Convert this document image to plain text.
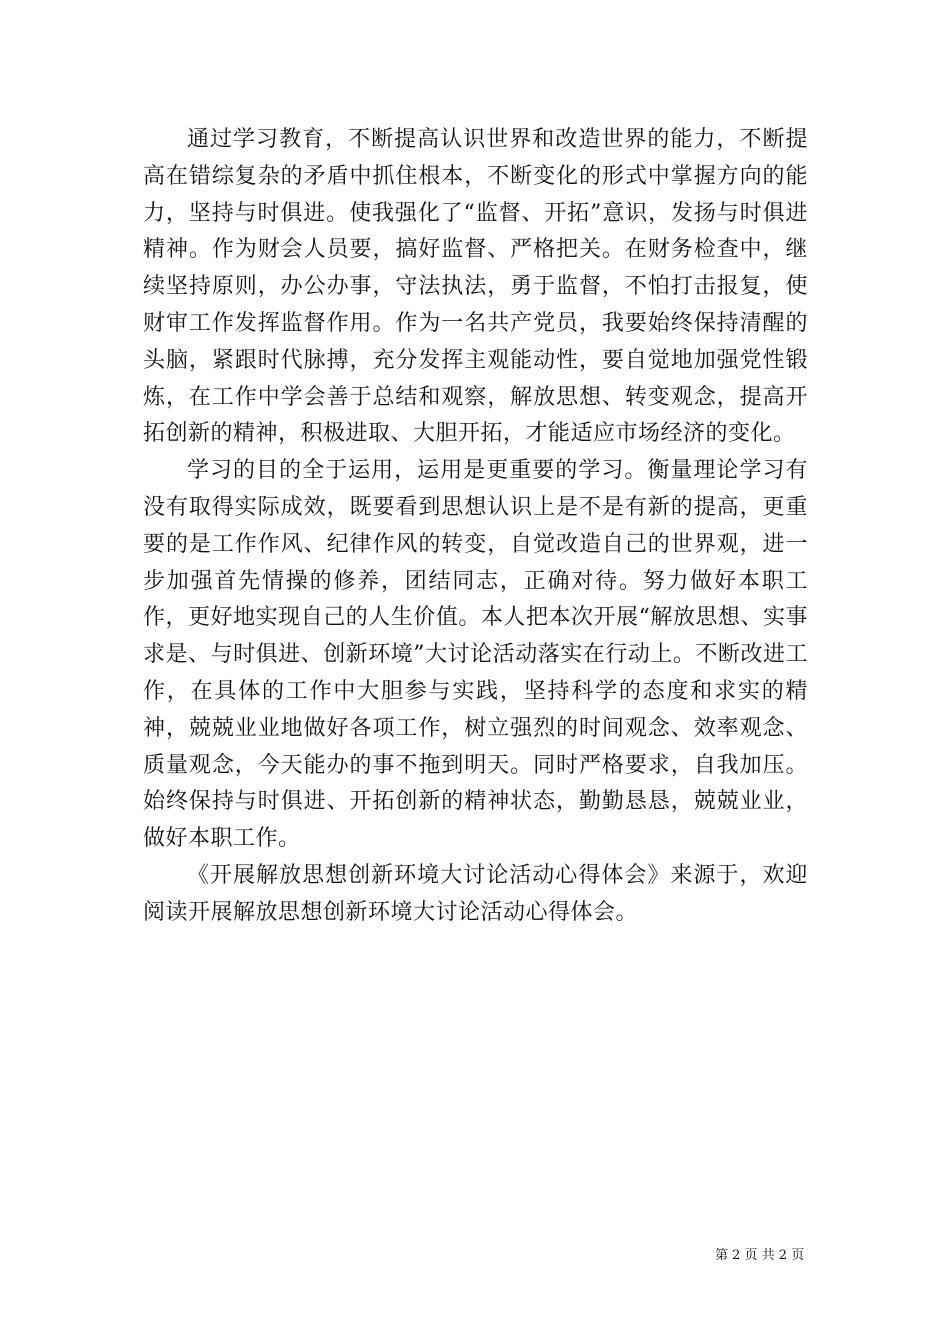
通过学习教育，不断提高认识世界和改造世界的能力，不断提高在错综复杂的矛盾中抓住根本，不断变化的形式中掌握方向的能力，坚持与时俱进。使我强化了“监督、开拓”意识，发扬与时俱进精神。作为财会人员要，搞好监督、严格把关。在财务检查中，继续坚持原则，办公办事，守法执法，勇于监督，不怕打击报复，使财审工作发挥监督作用。作为一名共产党员，我要始终保持清醒的头脑，紧跟时代脉搏，充分发挥主观能动性，要自觉地加强党性锻炼，在工作中学会善于总结和观察，解放思想、转变观念，提高开拓创新的精神，积极进取、大胆开拓，才能适应市场经济的变化。

学习的目的全于运用，运用是更重要的学习。衡量理论学习有没有取得实际成效，既要看到思想认识上是不是有新的提高，更重要的是工作作风、纪律作风的转变，自觉改造自己的世界观，进一步加强首先情操的修养，团结同志，正确对待。努力做好本职工作，更好地实现自己的人生价值。本人把本次开展“解放思想、实事求是、与时俱进、创新环境”大讨论活动落实在行动上。不断改进工作，在具体的工作中大胆参与实践，坚持科学的态度和求实的精神，兢兢业业地做好各项工作，树立强烈的时间观念、效率观念、质量观念，今天能办的事不拖到明天。同时严格要求，自我加压。始终保持与时俱进、开拓创新的精神状态，勤勤恳恳，兢兢业业，做好本职工作。

《开展解放思想创新环境大讨论活动心得体会》来源于，欢迎阅读开展解放思想创新环境大讨论活动心得体会。

第 2 页 共 2 页
